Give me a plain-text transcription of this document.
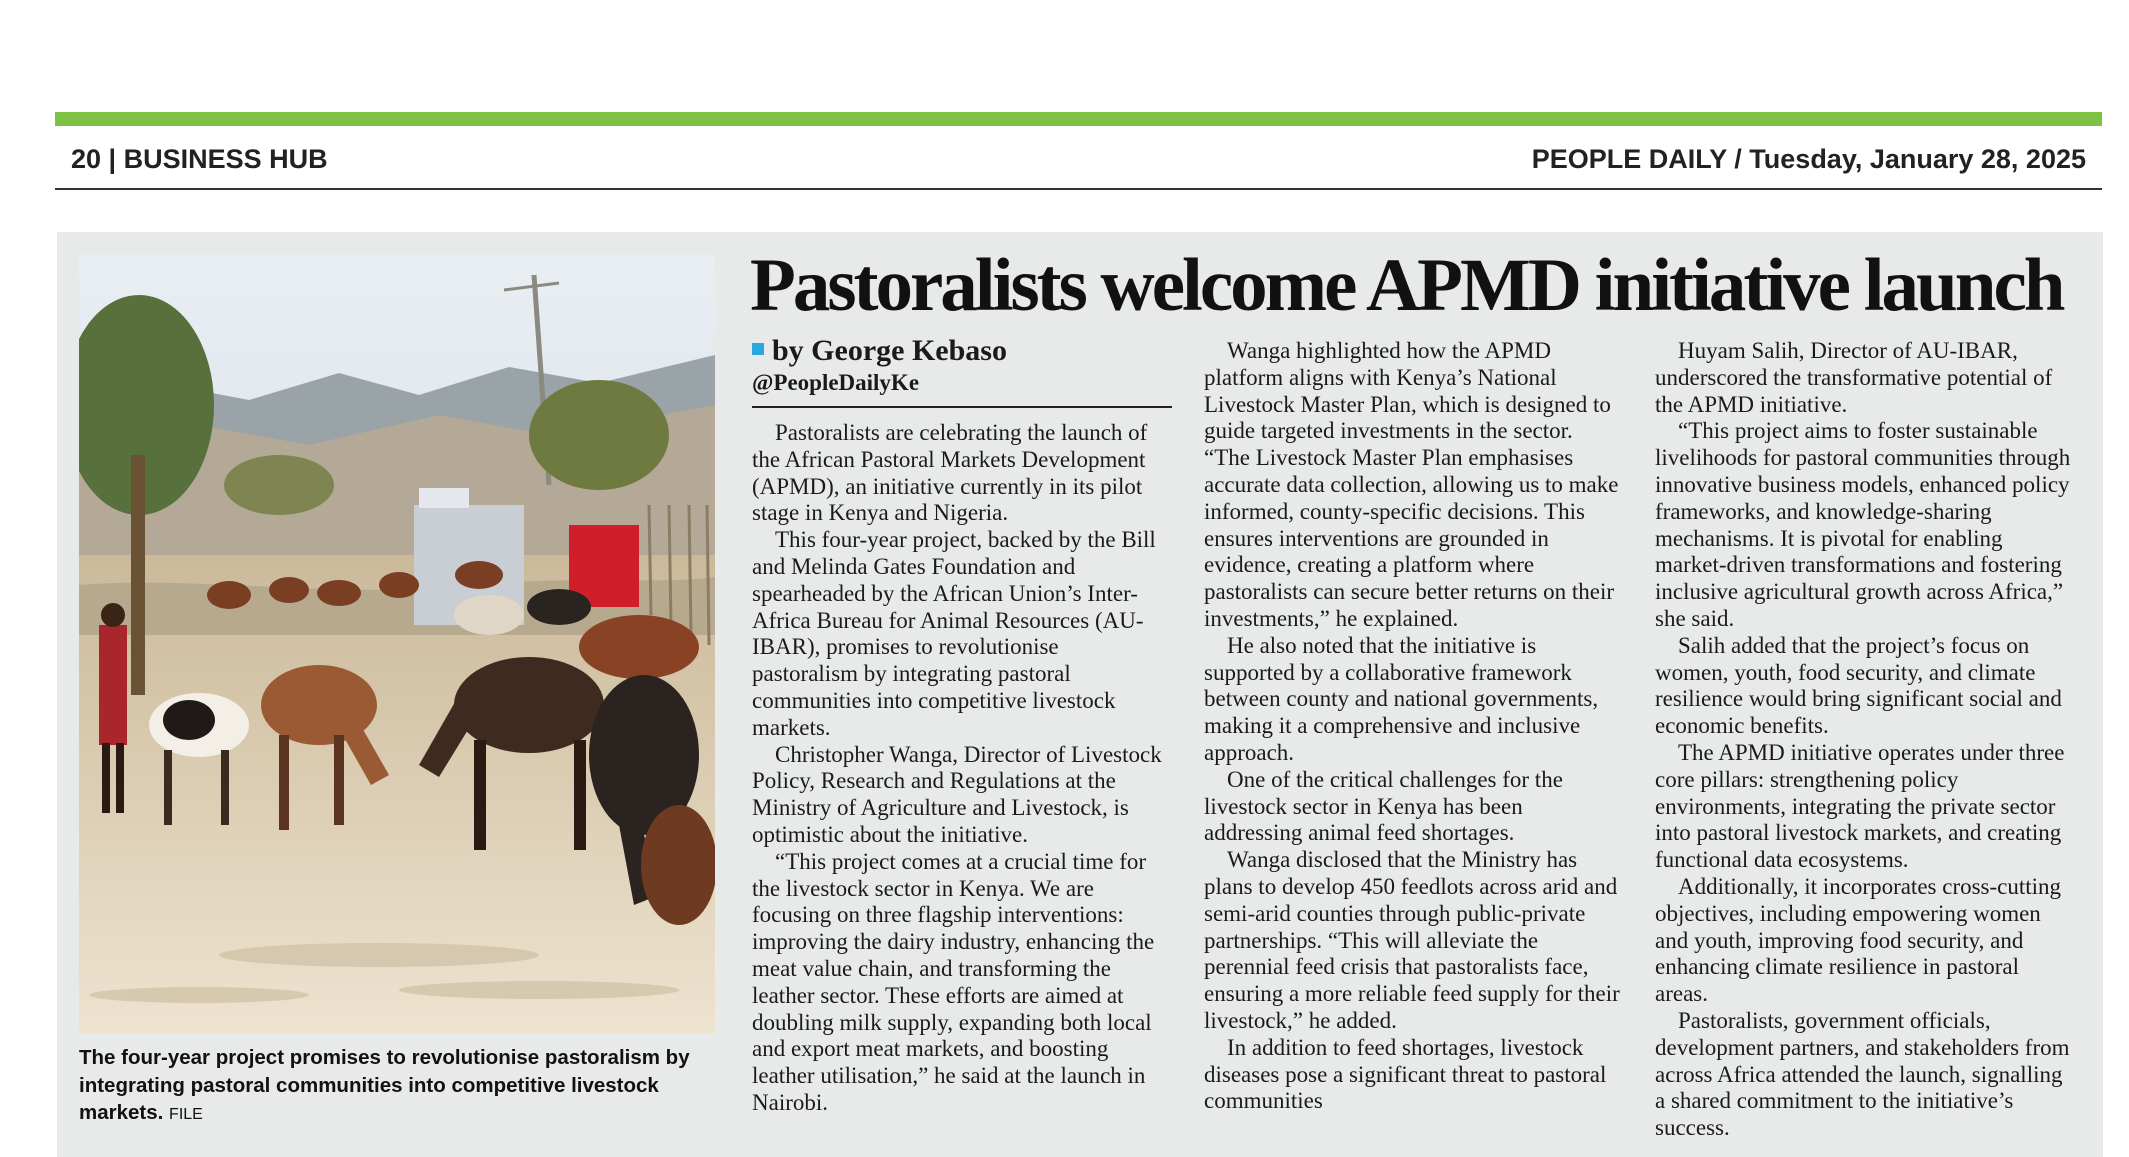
20 | BUSINESS HUB	PEOPLE DAILY / Tuesday, January 28, 2025
The four-year project promises to revolutionise pastoralism by integrating pastoral communities into competitive livestock markets. FILE
Pastoralists welcome APMD initiative launch
by George Kebaso
@PeopleDailyKe

Pastoralists are celebrating the launch of the African Pastoral Markets Development (APMD), an initiative currently in its pilot stage in Kenya and Nigeria.

This four-year project, backed by the Bill and Melinda Gates Foundation and spearheaded by the African Union’s Inter-Africa Bureau for Animal Resources (AU-IBAR), promises to revolutionise pastoralism by integrating pastoral communities into competitive livestock markets.

Christopher Wanga, Director of Livestock Policy, Research and Regulations at the Ministry of Agriculture and Livestock, is optimistic about the initiative.

“This project comes at a crucial time for the livestock sector in Kenya. We are focusing on three flagship interventions: improving the dairy industry, enhancing the meat value chain, and transforming the leather sector. These efforts are aimed at doubling milk supply, expanding both local and export meat markets, and boosting leather utilisation,” he said at the launch in Nairobi.

Wanga highlighted how the APMD platform aligns with Kenya’s National Livestock Master Plan, which is designed to guide targeted investments in the sector. “The Livestock Master Plan emphasises accurate data collection, allowing us to make informed, county-specific decisions. This ensures interventions are grounded in evidence, creating a platform where pastoralists can secure better returns on their investments,” he explained.

He also noted that the initiative is supported by a collaborative framework between county and national governments, making it a comprehensive and inclusive approach.

One of the critical challenges for the livestock sector in Kenya has been addressing animal feed shortages.

Wanga disclosed that the Ministry has plans to develop 450 feedlots across arid and semi-arid counties through public-private partnerships. “This will alleviate the perennial feed crisis that pastoralists face, ensuring a more reliable feed supply for their livestock,” he added.

In addition to feed shortages, livestock diseases pose a significant threat to pastoral communities

Huyam Salih, Director of AU-IBAR, underscored the transformative potential of the APMD initiative.

“This project aims to foster sustainable livelihoods for pastoral communities through innovative business models, enhanced policy frameworks, and knowledge-sharing mechanisms. It is pivotal for enabling market-driven transformations and fostering inclusive agricultural growth across Africa,” she said.

Salih added that the project’s focus on women, youth, food security, and climate resilience would bring significant social and economic benefits.

The APMD initiative operates under three core pillars: strengthening policy environments, integrating the private sector into pastoral livestock markets, and creating functional data ecosystems.

Additionally, it incorporates cross-cutting objectives, including empowering women and youth, improving food security, and enhancing climate resilience in pastoral areas.

Pastoralists, government officials, development partners, and stakeholders from across Africa attended the launch, signalling a shared commitment to the initiative’s success.
